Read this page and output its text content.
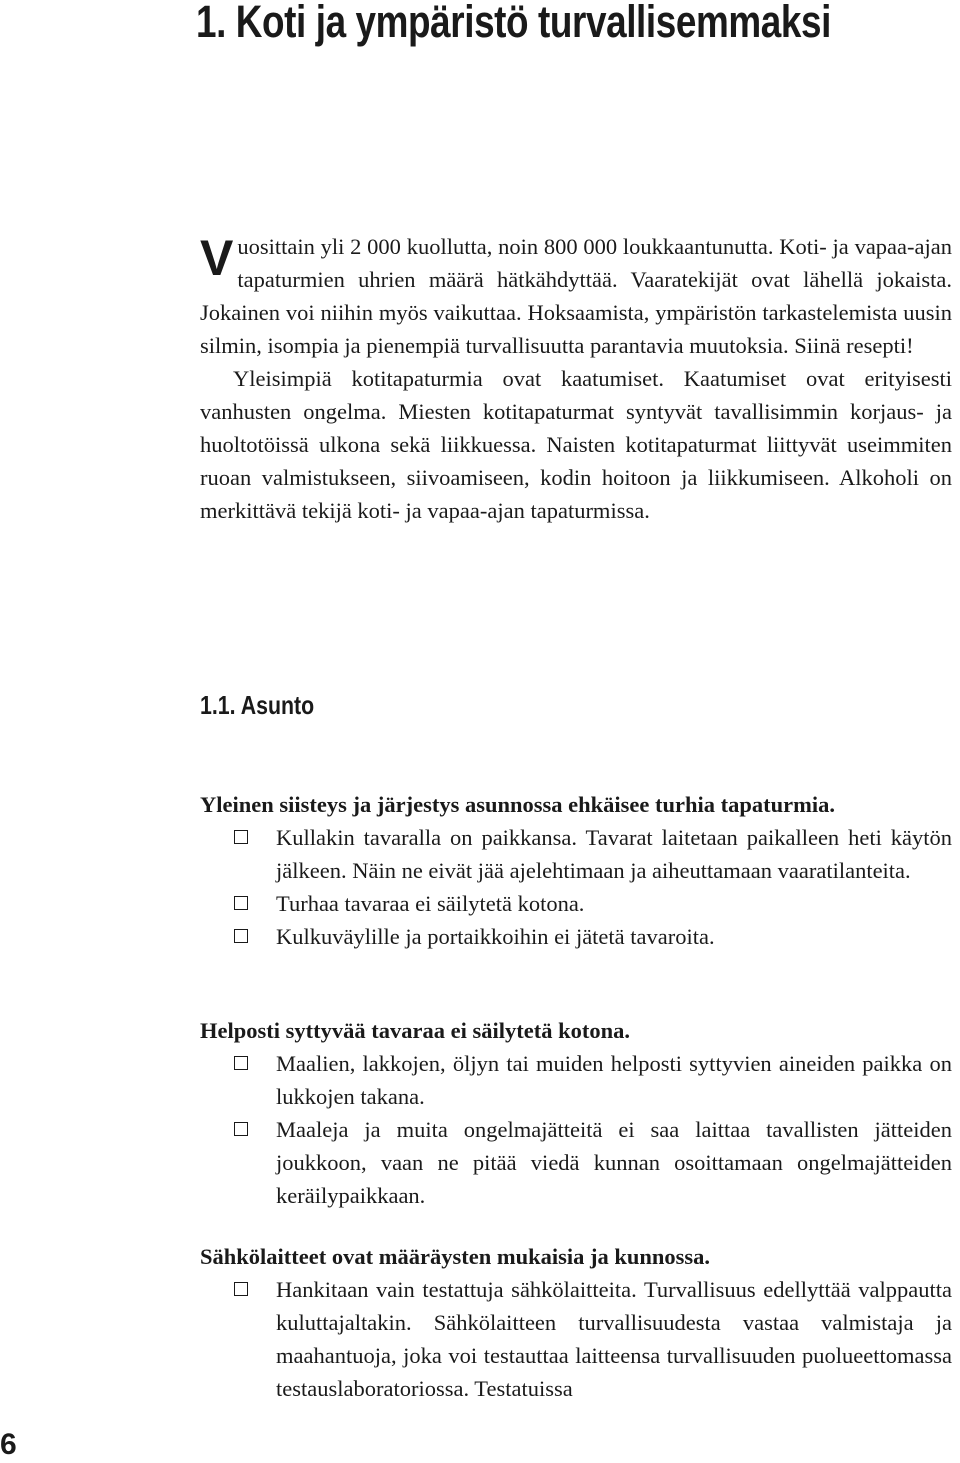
1. Koti ja ympäristö turvallisemmaksi

Vuosittain yli 2 000 kuollutta, noin 800 000 loukkaantunutta. Koti- ja vapaa-ajan tapaturmien uhrien määrä hätkähdyttää. Vaaratekijät ovat lähellä jokaista. Jokainen voi niihin myös vaikuttaa. Hoksaamista, ympäristön tarkastelemista uusin silmin, isompia ja pienempiä turvallisuutta parantavia muutoksia. Siinä resepti!

Yleisimpiä kotitapaturmia ovat kaatumiset. Kaatumiset ovat erityisesti vanhusten ongelma. Miesten kotitapaturmat syntyvät tavallisimmin korjaus- ja huoltotöissä ulkona sekä liikkuessa. Naisten kotitapaturmat liittyvät useimmiten ruoan valmistukseen, siivoamiseen, kodin hoitoon ja liikkumiseen. Alkoholi on merkittävä tekijä koti- ja vapaa-ajan tapaturmissa.

1.1. Asunto

Yleinen siisteys ja järjestys asunnossa ehkäisee turhia tapaturmia.

Kullakin tavaralla on paikkansa. Tavarat laitetaan paikalleen heti käytön jälkeen. Näin ne eivät jää ajelehtimaan ja aiheuttamaan vaaratilanteita.
Turhaa tavaraa ei säilytetä kotona.
Kulkuväylille ja portaikkoihin ei jätetä tavaroita.

Helposti syttyvää tavaraa ei säilytetä kotona.

Maalien, lakkojen, öljyn tai muiden helposti syttyvien aineiden paikka on lukkojen takana.
Maaleja ja muita ongelmajätteitä ei saa laittaa tavallisten jätteiden joukkoon, vaan ne pitää viedä kunnan osoittamaan ongelmajätteiden keräilypaikkaan.

Sähkölaitteet ovat määräysten mukaisia ja kunnossa.

Hankitaan vain testattuja sähkölaitteita. Turvallisuus edellyttää valppautta kuluttajaltakin. Sähkölaitteen turvallisuudesta vastaa valmistaja ja maahantuoja, joka voi testauttaa laitteensa turvallisuuden puolueettomassa testauslaboratoriossa. Testatuissa
6
